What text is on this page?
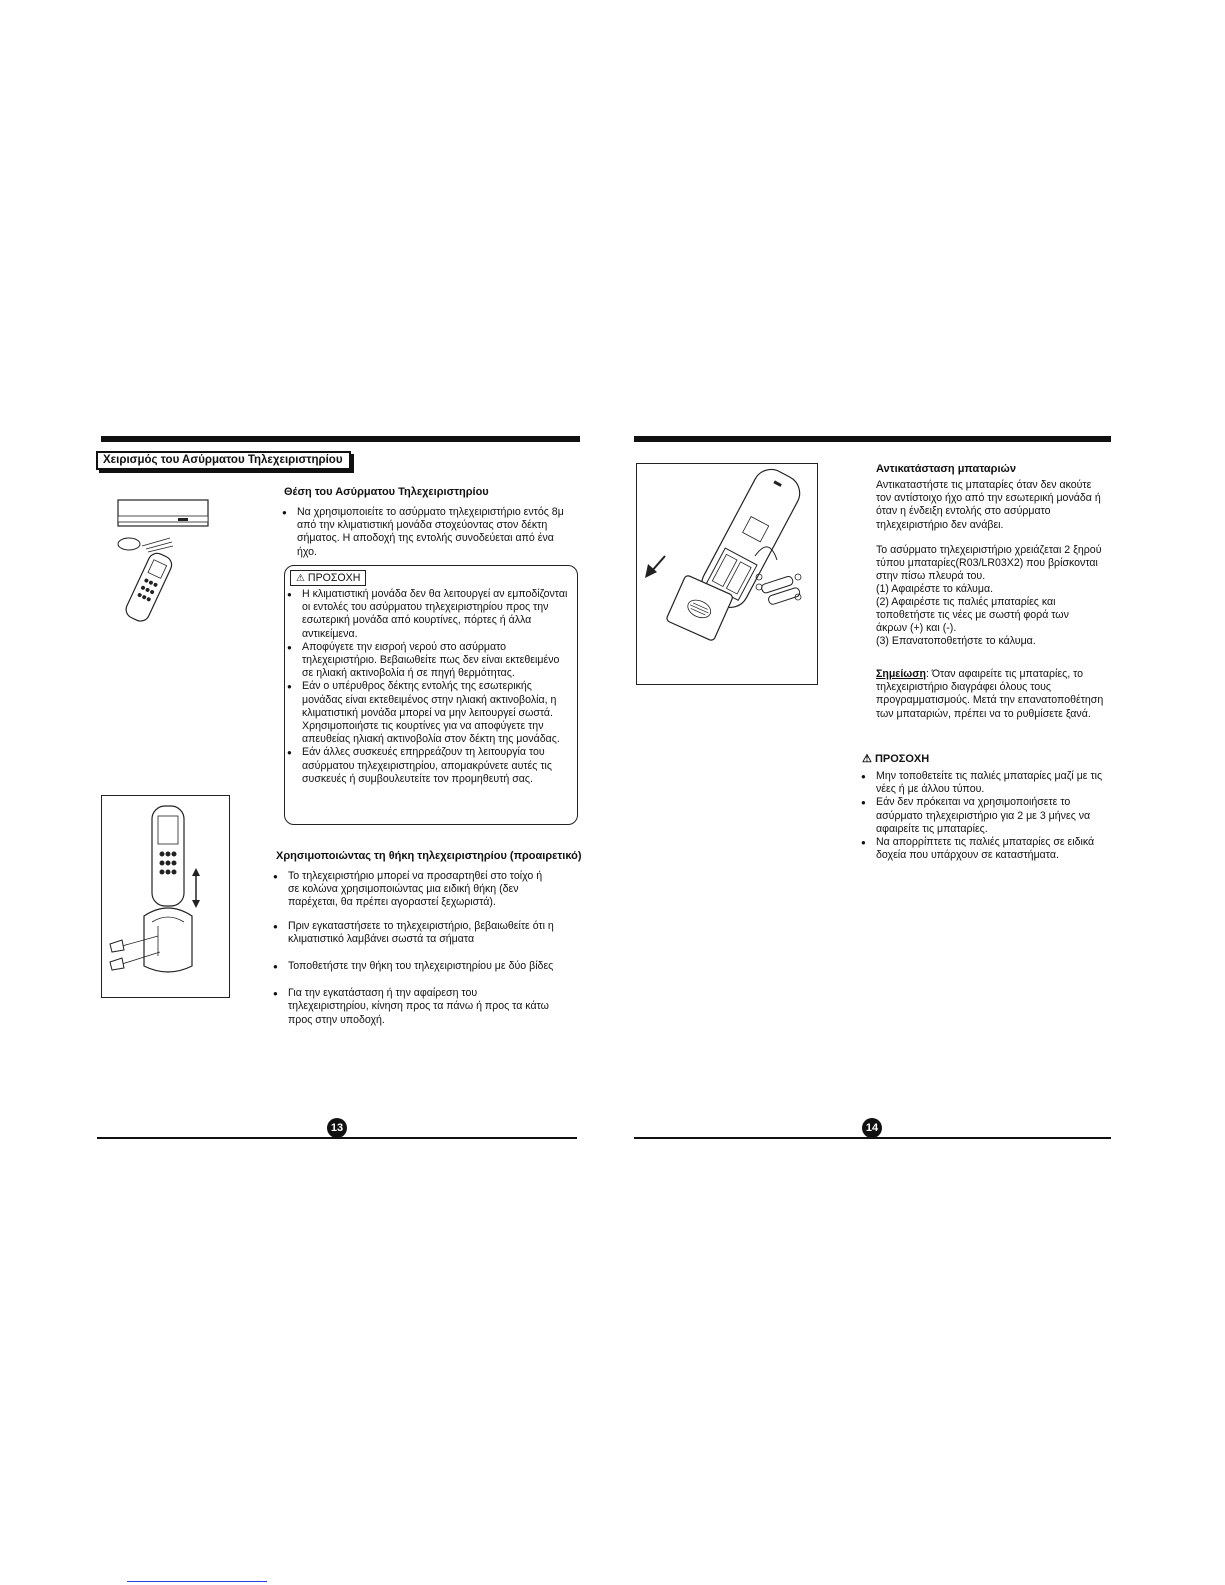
Χειρισμός του Ασύρματου Τηλεχειριστηρίου
Θέση του Ασύρματου Τηλεχειριστηρίου
● Να χρησιμοποιείτε το ασύρματο τηλεχειριστήριο εντός 8μ από την κλιματιστική μονάδα στοχεύοντας στον δέκτη σήματος. Η αποδοχή της εντολής συνοδεύεται από ένα ήχο.
⚠ ΠΡΟΣΟΧΗ
● Η κλιματιστική μονάδα δεν θα λειτουργεί αν εμποδίζονται οι εντολές του ασύρματου τηλεχειριστηρίου προς την εσωτερική μονάδα από κουρτίνες, πόρτες ή άλλα αντικείμενα.
● Αποφύγετε την εισροή νερού στο ασύρματο τηλεχειριστήριο. Βεβαιωθείτε πως δεν είναι εκτεθειμένο σε ηλιακή ακτινοβολία ή σε πηγή θερμότητας.
● Εάν ο υπέρυθρος δέκτης εντολής της εσωτερικής μονάδας είναι εκτεθειμένος στην ηλιακή ακτινοβολία, η κλιματιστική μονάδα μπορεί να μην λειτουργεί σωστά. Χρησιμοποιήστε τις κουρτίνες για να αποφύγετε την απευθείας ηλιακή ακτινοβολία στον δέκτη της μονάδας.
● Εάν άλλες συσκευές επηρρεάζουν τη λειτουργία του ασύρματου τηλεχειριστηρίου, απομακρύνετε αυτές τις συσκευές ή συμβουλευτείτε τον προμηθευτή σας.
Χρησιμοποιώντας τη θήκη τηλεχειριστηρίου (προαιρετικό)
● Το τηλεχειριστήριο μπορεί να προσαρτηθεί στο τοίχο ή σε κολώνα χρησιμοποιώντας μια ειδική θήκη (δεν παρέχεται, θα πρέπει αγοραστεί ξεχωριστά).
● Πριν εγκαταστήσετε το τηλεχειριστήριο, βεβαιωθείτε ότι η κλιματιστικό λαμβάνει σωστά τα σήματα
● Τοποθετήστε την θήκη του τηλεχειριστηρίου με δύο βίδες
● Για την εγκατάσταση ή την αφαίρεση του τηλεχειριστηρίου, κίνηση προς τα πάνω ή προς τα κάτω προς στην υποδοχή.
13
Αντικατάσταση μπαταριών
Αντικαταστήστε τις μπαταρίες όταν δεν ακούτε τον αντίστοιχο ήχο από την εσωτερική μονάδα ή όταν η ένδειξη εντολής στο ασύρματο τηλεχειριστήριο δεν ανάβει.
Το ασύρματο τηλεχειριστήριο χρειάζεται 2 ξηρού τύπου μπαταρίες(R03/LR03X2) που βρίσκονται στην πίσω πλευρά του.
(1) Αφαιρέστε το κάλυμα.
(2) Αφαιρέστε τις παλιές μπαταρίες και τοποθετήστε τις νέες με σωστή φορά των άκρων (+) και (-).
(3) Επανατοποθετήστε το κάλυμα.
Σημείωση: Όταν αφαιρείτε τις μπαταρίες, το τηλεχειριστήριο διαγράφει όλους τους προγραμματισμούς. Μετά την επανατοποθέτηση των μπαταριών, πρέπει να το ρυθμίσετε ξανά.
⚠ ΠΡΟΣΟΧΗ
● Μην τοποθετείτε τις παλιές μπαταρίες μαζί με τις νέες ή με άλλου τύπου.
● Εάν δεν πρόκειται να χρησιμοποιήσετε το ασύρματο τηλεχειριστήριο για 2 με 3 μήνες να αφαιρείτε τις μπαταρίες.
● Να απορρίπτετε τις παλιές μπαταρίες σε ειδικά δοχεία που υπάρχουν σε καταστήματα.
14
